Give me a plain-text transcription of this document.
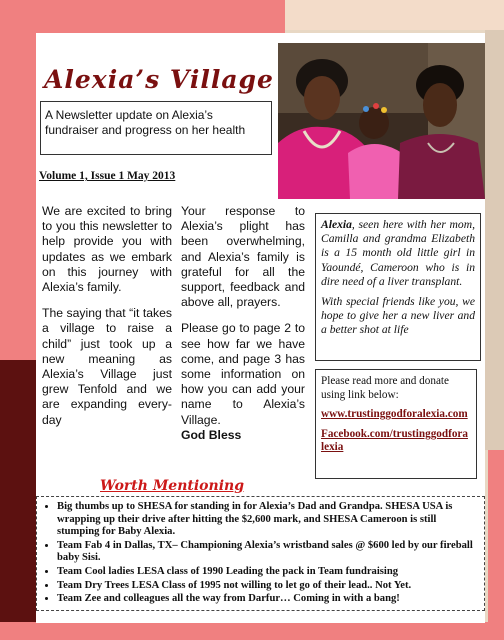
Alexia’s Village
A Newsletter update on Alexia’s fundraiser and progress on her health
Volume 1, Issue 1 May 2013

We are excited to bring to you this newsletter to help provide you with updates as we embark on this journey with Alexia’s family.

The saying that “it takes a village to raise a child” just took up a new meaning as Alexia’s Village just grew Tenfold and we are expanding every-day

Your response to Alexia’s plight has been overwhelming, and Alexia’s family is grateful for all the support, feedback and above all, prayers.

Please go to page 2 to see how far we have come, and page 3 has some information on how you can add your name to Alexia’s Village.

God Bless

Alexia, seen here with her mom, Camilla and grandma Elizabeth is a 15 month old little girl in Yaoundé, Cameroon who is in dire need of a liver transplant.

With special friends like you, we hope to give her a new liver and a better shot at life

Please read more and donate using link below:

www.trustinggodforalexia.com
Facebook.com/trustinggodforalexia
Worth Mentioning
• Big thumbs up to SHESA for standing in for Alexia’s Dad and Grandpa. SHESA USA is wrapping up their drive after hitting the $2,600 mark, and SHESA Cameroon is still stumping for Baby Alexia.
• Team Fab 4 in Dallas, TX– Championing Alexia’s wristband sales @ $600 led by our fireball baby Sisi.
• Team Cool ladies LESA class of 1990 Leading the pack in Team fundraising
• Team Dry Trees LESA Class of 1995 not willing to let go of their lead.. Not Yet.
• Team Zee and colleagues all the way from Darfur… Coming in with a bang!
